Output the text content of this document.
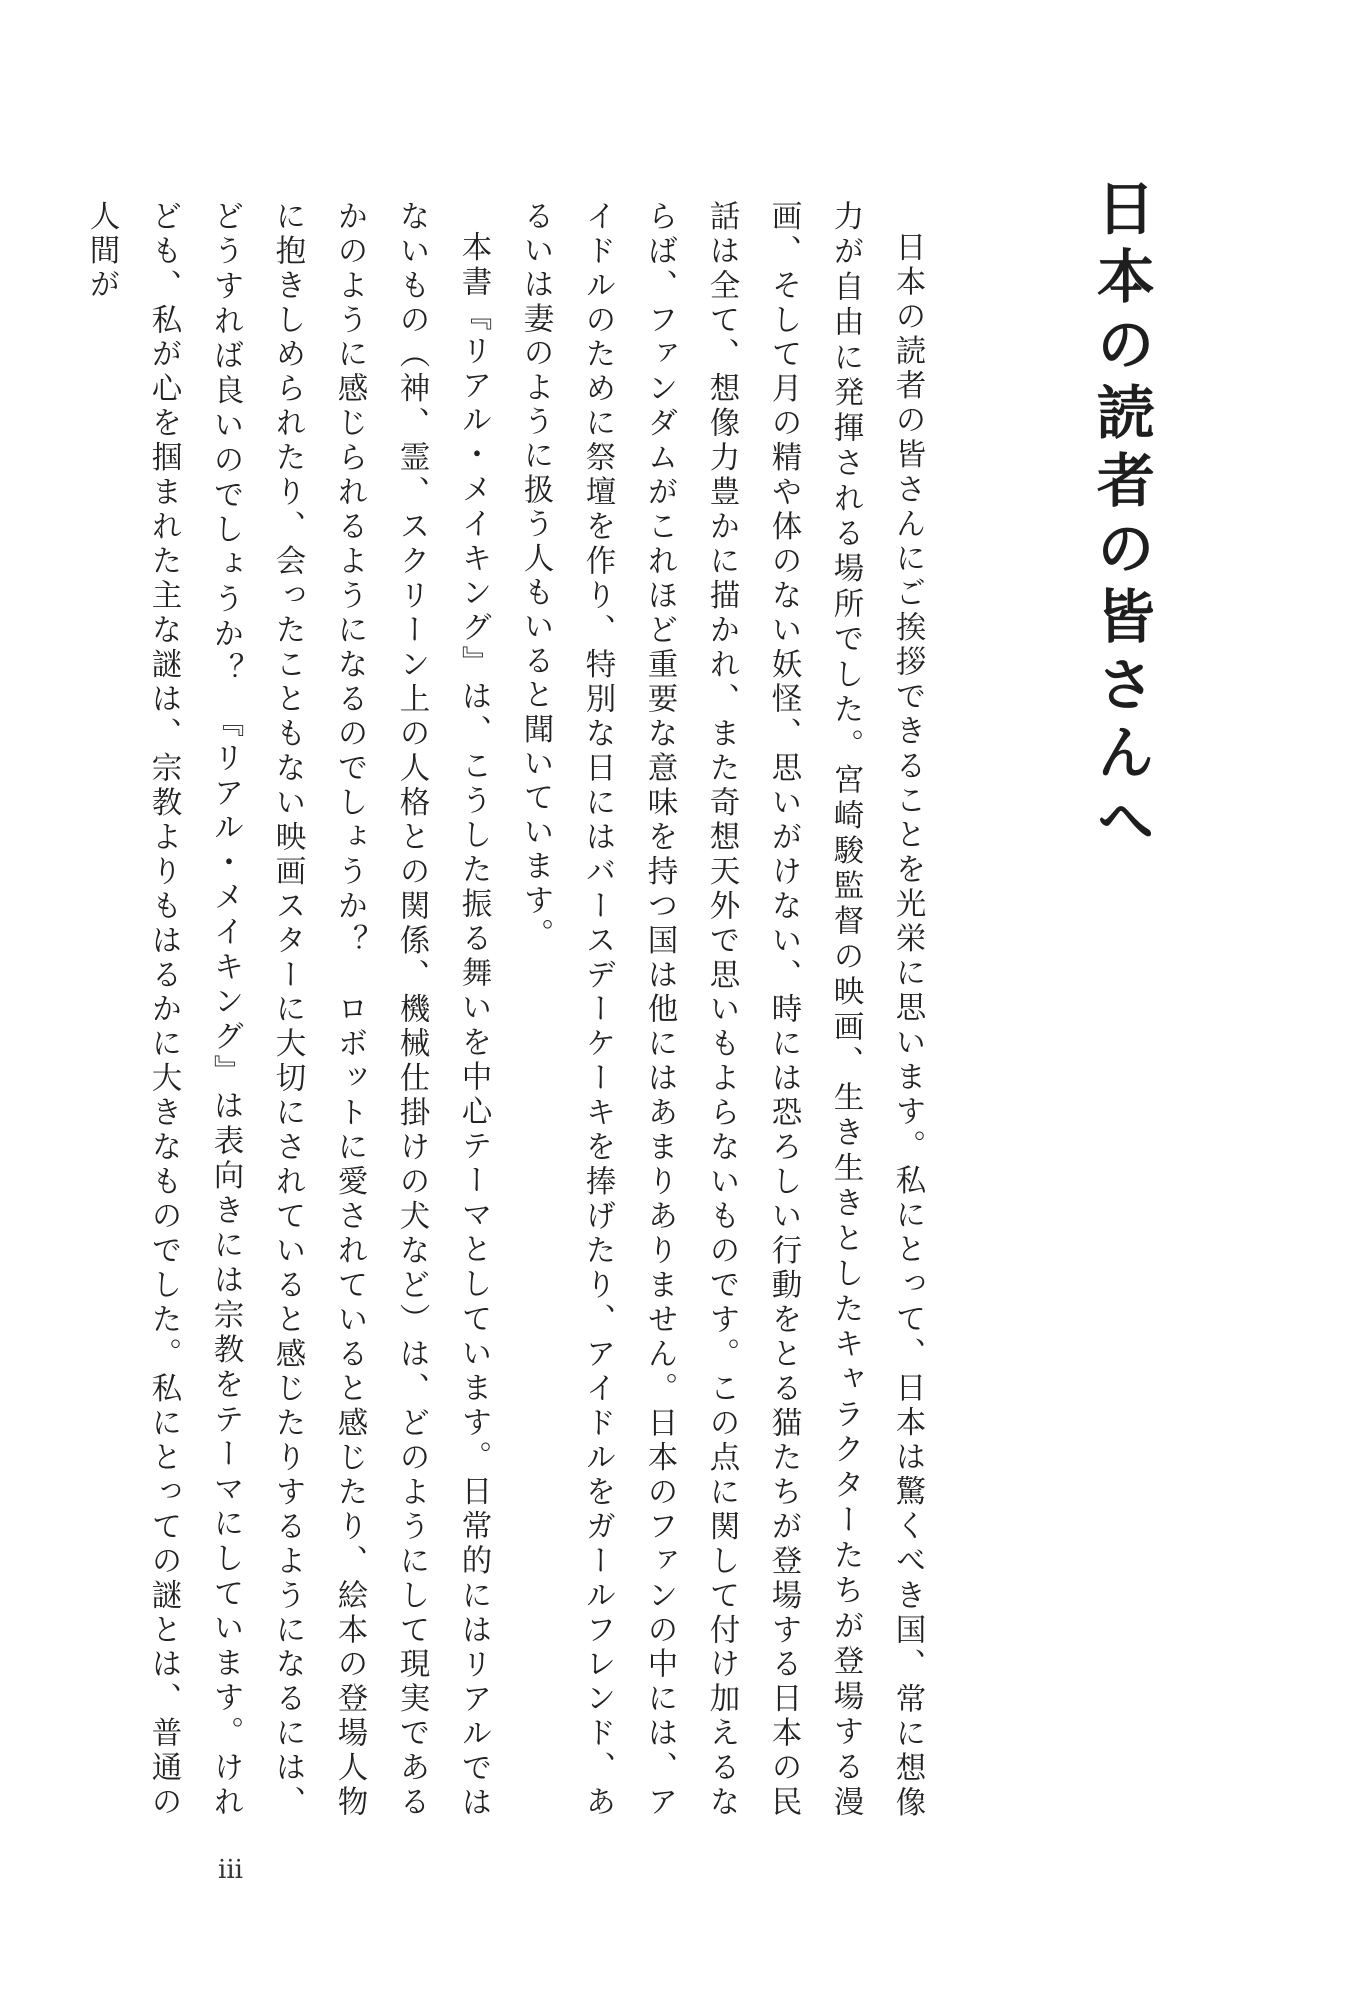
日本の読者の皆さんへ

日本の読者の皆さんにご挨拶できることを光栄に思います。私にとって、日本は驚くべき国、常に想像力が自由に発揮される場所でした。宮崎駿監督の映画、生き生きとしたキャラクターたちが登場する漫画、そして月の精や体のない妖怪、思いがけない、時には恐ろしい行動をとる猫たちが登場する日本の民話は全て、想像力豊かに描かれ、また奇想天外で思いもよらないものです。この点に関して付け加えるならば、ファンダムがこれほど重要な意味を持つ国は他にはあまりありません。日本のファンの中には、アイドルのために祭壇を作り、特別な日にはバースデーケーキを捧げたり、アイドルをガールフレンド、あるいは妻のように扱う人もいると聞いています。

本書『リアル・メイキング』は、こうした振る舞いを中心テーマとしています。日常的にはリアルではないもの（神、霊、スクリーン上の人格との関係、機械仕掛けの犬など）は、どのようにして現実であるかのように感じられるようになるのでしょうか？　ロボットに愛されていると感じたり、絵本の登場人物に抱きしめられたり、会ったこともない映画スターに大切にされていると感じたりするようになるには、どうすれば良いのでしょうか？　『リアル・メイキング』は表向きには宗教をテーマにしています。けれども、私が心を掴まれた主な謎は、宗教よりもはるかに大きなものでした。私にとっての謎とは、普通の人間が

iii
